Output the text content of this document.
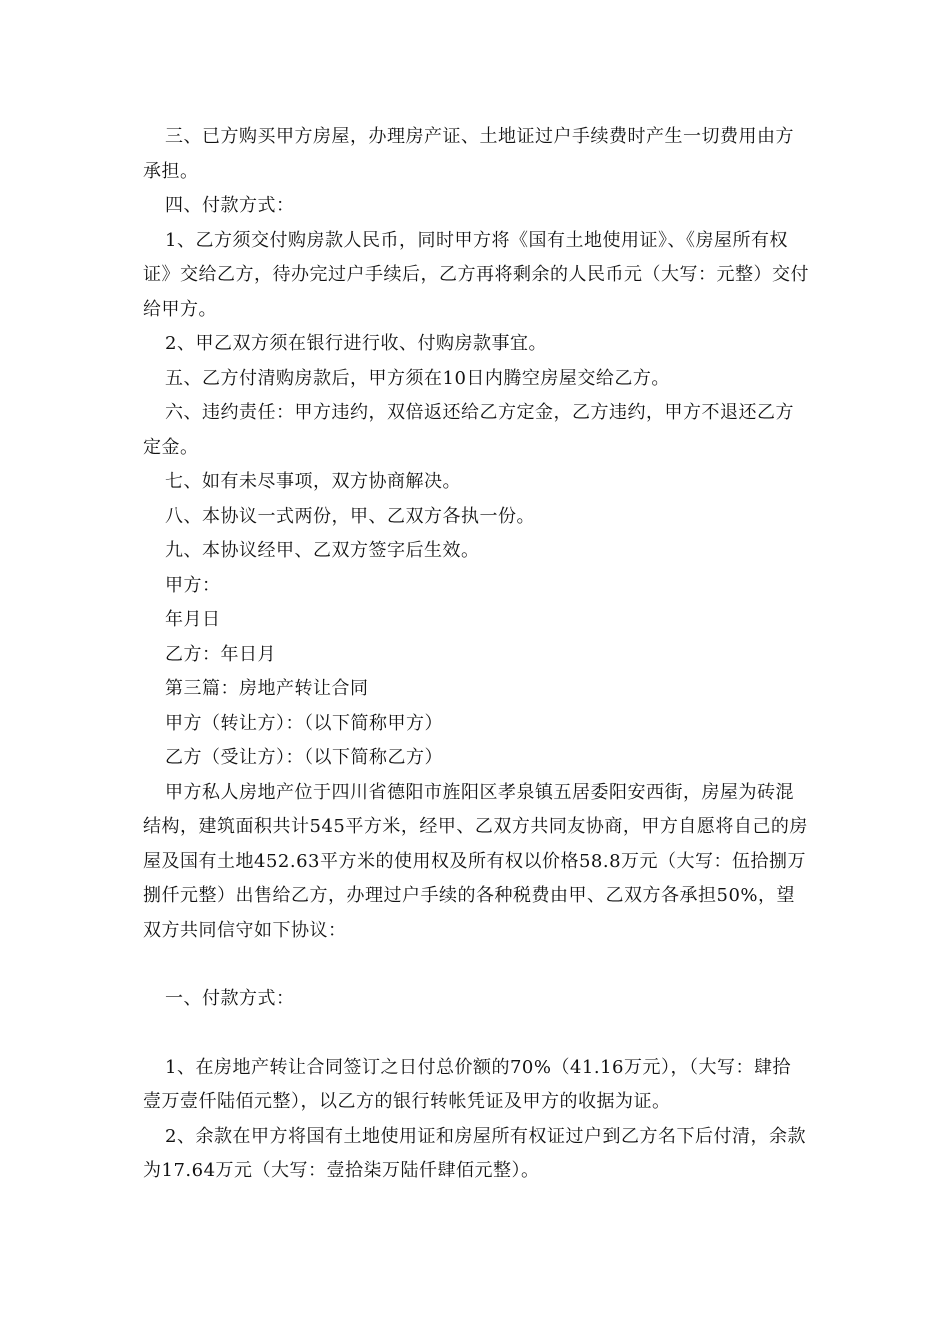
三、已方购买甲方房屋，办理房产证、土地证过户手续费时产生一切费用由方承担。

四、付款方式：

1、乙方须交付购房款人民币，同时甲方将《国有土地使用证》、《房屋所有权证》交给乙方，待办完过户手续后，乙方再将剩余的人民币元（大写：元整）交付给甲方。

2、甲乙双方须在银行进行收、付购房款事宜。

五、乙方付清购房款后，甲方须在10日内腾空房屋交给乙方。

六、违约责任：甲方违约，双倍返还给乙方定金，乙方违约，甲方不退还乙方定金。

七、如有未尽事项，双方协商解决。

八、本协议一式两份，甲、乙双方各执一份。

九、本协议经甲、乙双方签字后生效。

甲方：

年月日

乙方：年日月

第三篇：房地产转让合同

甲方（转让方）：（以下简称甲方）

乙方（受让方）：（以下简称乙方）

甲方私人房地产位于四川省德阳市旌阳区孝泉镇五居委阳安西街，房屋为砖混结构，建筑面积共计545平方米，经甲、乙双方共同友协商，甲方自愿将自己的房屋及国有土地452.63平方米的使用权及所有权以价格58.8万元（大写：伍拾捌万捌仟元整）出售给乙方，办理过户手续的各种税费由甲、乙双方各承担50%，望双方共同信守如下协议：

一、付款方式：

1、在房地产转让合同签订之日付总价额的70%（41.16万元），（大写：肆拾壹万壹仟陆佰元整），以乙方的银行转帐凭证及甲方的收据为证。

2、余款在甲方将国有土地使用证和房屋所有权证过户到乙方名下后付清，余款为17.64万元（大写：壹拾柒万陆仟肆佰元整）。
